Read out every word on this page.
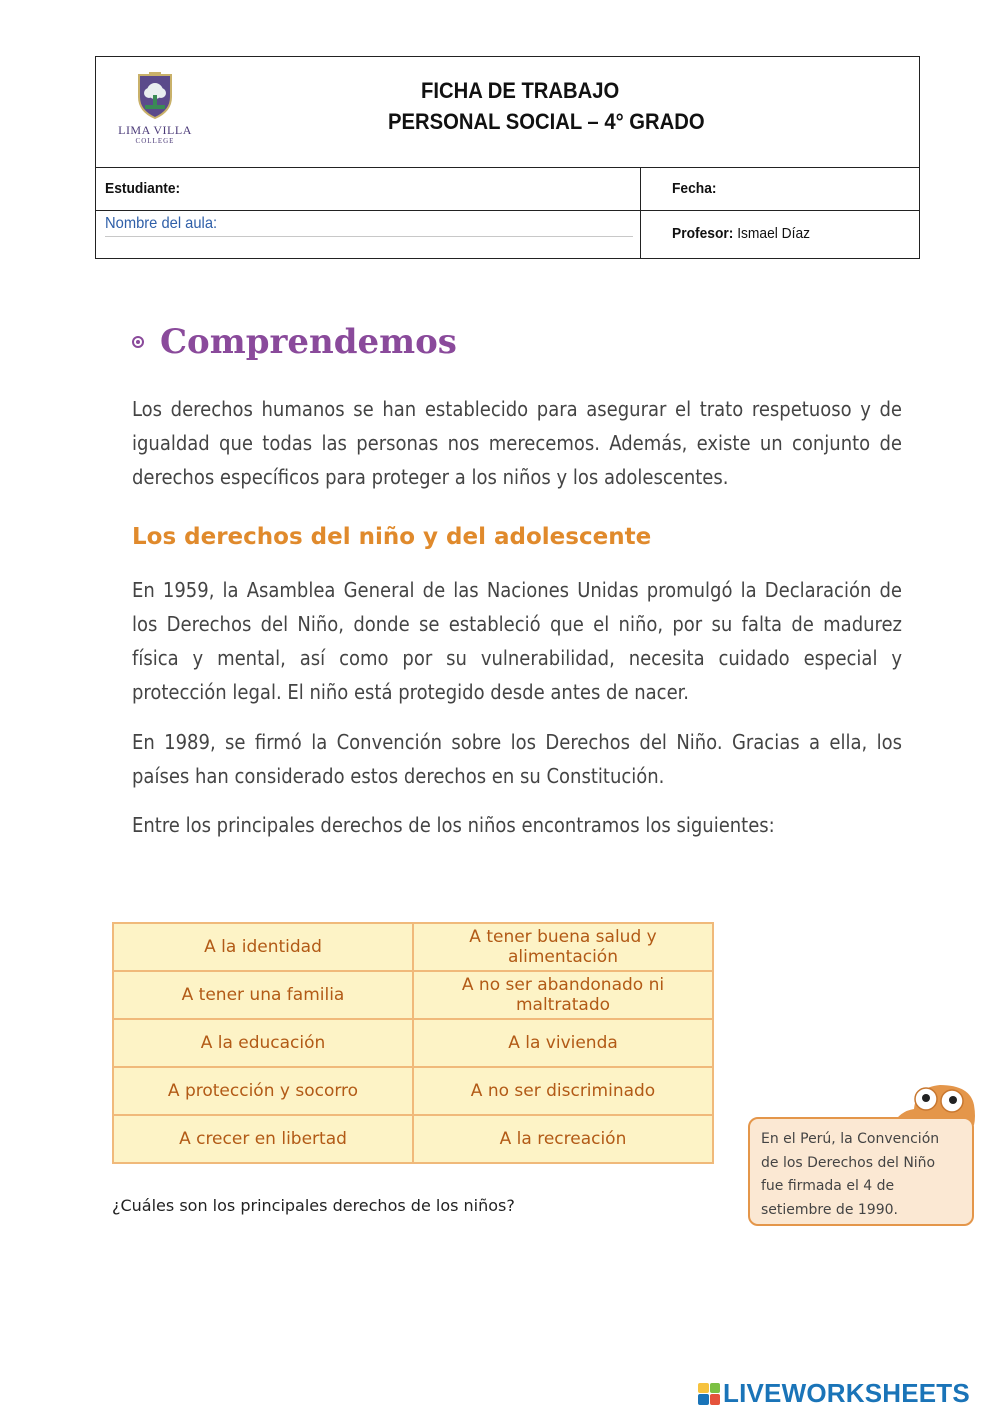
LIMA VILLA
COLLEGE
FICHA DE TRABAJO
PERSONAL SOCIAL – 4° GRADO
Estudiante:	Fecha:
Nombre del aula:
Profesor: Ismael Díaz
Comprendemos
Los derechos humanos se han establecido para asegurar el trato respetuoso y de igualdad que todas las personas nos merecemos. Además, existe un conjunto de derechos específicos para proteger a los niños y los adolescentes.
Los derechos del niño y del adolescente
En 1959, la Asamblea General de las Naciones Unidas promulgó la Declaración de los Derechos del Niño, donde se estableció que el niño, por su falta de madurez física y mental, así como por su vulnerabilidad, necesita cuidado especial y protección legal. El niño está protegido desde antes de nacer.
En 1989, se firmó la Convención sobre los Derechos del Niño. Gracias a ella, los países han considerado estos derechos en su Constitución.
Entre los principales derechos de los niños encontramos los siguientes:
A la identidad	A tener buena salud y alimentación
A tener una familia	A no ser abandonado ni maltratado
A la educación	A la vivienda
A protección y socorro	A no ser discriminado
A crecer en libertad	A la recreación
¿Cuáles son los principales derechos de los niños?
En el Perú, la Convención de los Derechos del Niño fue firmada el 4 de setiembre de 1990.
LIVEWORKSHEETS
